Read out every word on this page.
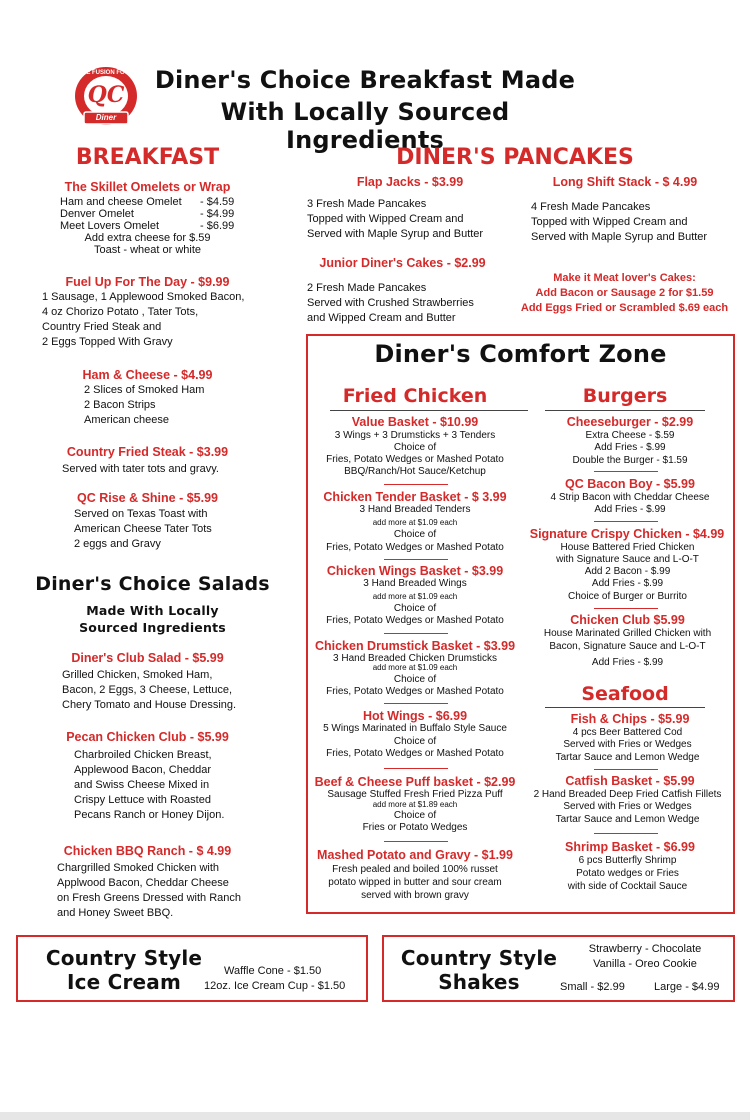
THE FUSION FOOD
QC
Diner
Diner's Choice Breakfast Made
With Locally Sourced Ingredients
BREAKFAST
The Skillet Omelets or Wrap
Ham and cheese Omelet - $4.59
Denver Omelet	- $4.99
Meet Lovers Omelet	- $6.99
Add extra cheese for $.59
Toast - wheat or white
Fuel Up For The Day - $9.99
1 Sausage, 1 Applewood Smoked Bacon,
4 oz Chorizo Potato , Tater Tots,
Country Fried Steak and
2 Eggs Topped With Gravy
Ham & Cheese - $4.99
2 Slices of Smoked Ham
2 Bacon Strips
American cheese
Country Fried Steak - $3.99
Served with tater tots and gravy.
QC Rise & Shine - $5.99
Served on Texas Toast with
American Cheese Tater Tots
2 eggs and Gravy
Diner's Choice Salads
Made With Locally
Sourced Ingredients
Diner's Club Salad - $5.99
Grilled Chicken, Smoked Ham,
Bacon, 2 Eggs, 3 Cheese, Lettuce,
Chery Tomato and House Dressing.
Pecan Chicken Club - $5.99
Charbroiled Chicken Breast,
Applewood Bacon, Cheddar
and Swiss Cheese Mixed in
Crispy Lettuce with Roasted
Pecans Ranch or Honey Dijon.
Chicken BBQ Ranch - $ 4.99
Chargrilled Smoked Chicken with
Applwood Bacon, Cheddar Cheese
on Fresh Greens Dressed with Ranch
and Honey Sweet BBQ.
DINER'S PANCAKES
Flap Jacks - $3.99
3 Fresh Made Pancakes
Topped with Wipped Cream and
Served with Maple Syrup and Butter
Long Shift Stack - $ 4.99
4 Fresh Made Pancakes
Topped with Wipped Cream and
Served with Maple Syrup and Butter
Junior Diner's Cakes - $2.99
2 Fresh Made Pancakes
Served with Crushed Strawberries
and Wipped Cream and Butter
Make it Meat lover's Cakes:
Add Bacon or Sausage 2 for $1.59
Add Eggs Fried or Scrambled $.69 each
Diner's Comfort Zone
Fried Chicken
Value Basket - $10.99
3 Wings + 3 Drumsticks + 3 Tenders
Choice of
Fries, Potato Wedges or Mashed Potato
BBQ/Ranch/Hot Sauce/Ketchup
Chicken Tender Basket - $ 3.99
3 Hand Breaded Tenders
add more at $1.09 each
Choice of
Fries, Potato Wedges or Mashed Potato
Chicken Wings Basket - $3.99
3 Hand Breaded Wings
add more at $1.09 each
Choice of
Fries, Potato Wedges or Mashed Potato
Chicken Drumstick Basket - $3.99
3 Hand Breaded Chicken Drumsticks
add more at $1.09 each
Choice of
Fries, Potato Wedges or Mashed Potato
Hot Wings - $6.99
5 Wings Marinated in Buffalo Style Sauce
Choice of
Fries, Potato Wedges or Mashed Potato
Beef & Cheese Puff basket - $2.99
Sausage Stuffed Fresh Fried Pizza Puff
add more at $1.89 each
Choice of
Fries or Potato Wedges
Mashed Potato and Gravy - $1.99
Fresh pealed and boiled 100% russet
potato wipped in butter and sour cream
served with brown gravy
Burgers
Cheeseburger - $2.99
Extra Cheese - $.59
Add Fries - $.99
Double the Burger - $1.59
QC Bacon Boy - $5.99
4 Strip Bacon with Cheddar Cheese
Add Fries - $.99
Signature Crispy Chicken - $4.99
House Battered Fried Chicken
with Signature Sauce and L-O-T
Add 2 Bacon - $.99
Add Fries - $.99
Choice of Burger or Burrito
Chicken Club $5.99
House Marinated Grilled Chicken with
Bacon, Signature Sauce and L-O-T
Add Fries - $.99
Seafood
Fish & Chips - $5.99
4 pcs Beer Battered Cod
Served with Fries or Wedges
Tartar Sauce and Lemon Wedge
Catfish Basket - $5.99
2 Hand Breaded Deep Fried Catfish Fillets
Served with Fries or Wedges
Tartar Sauce and Lemon Wedge
Shrimp Basket - $6.99
6 pcs Butterfly Shrimp
Potato wedges or Fries
with side of Cocktail Sauce
Country Style
Ice Cream	Waffle Cone - $1.50
12oz. Ice Cream Cup - $1.50
Country Style
Shakes
Strawberry - Chocolate
Vanilla - Oreo Cookie
Small - $2.99	Large - $4.99
